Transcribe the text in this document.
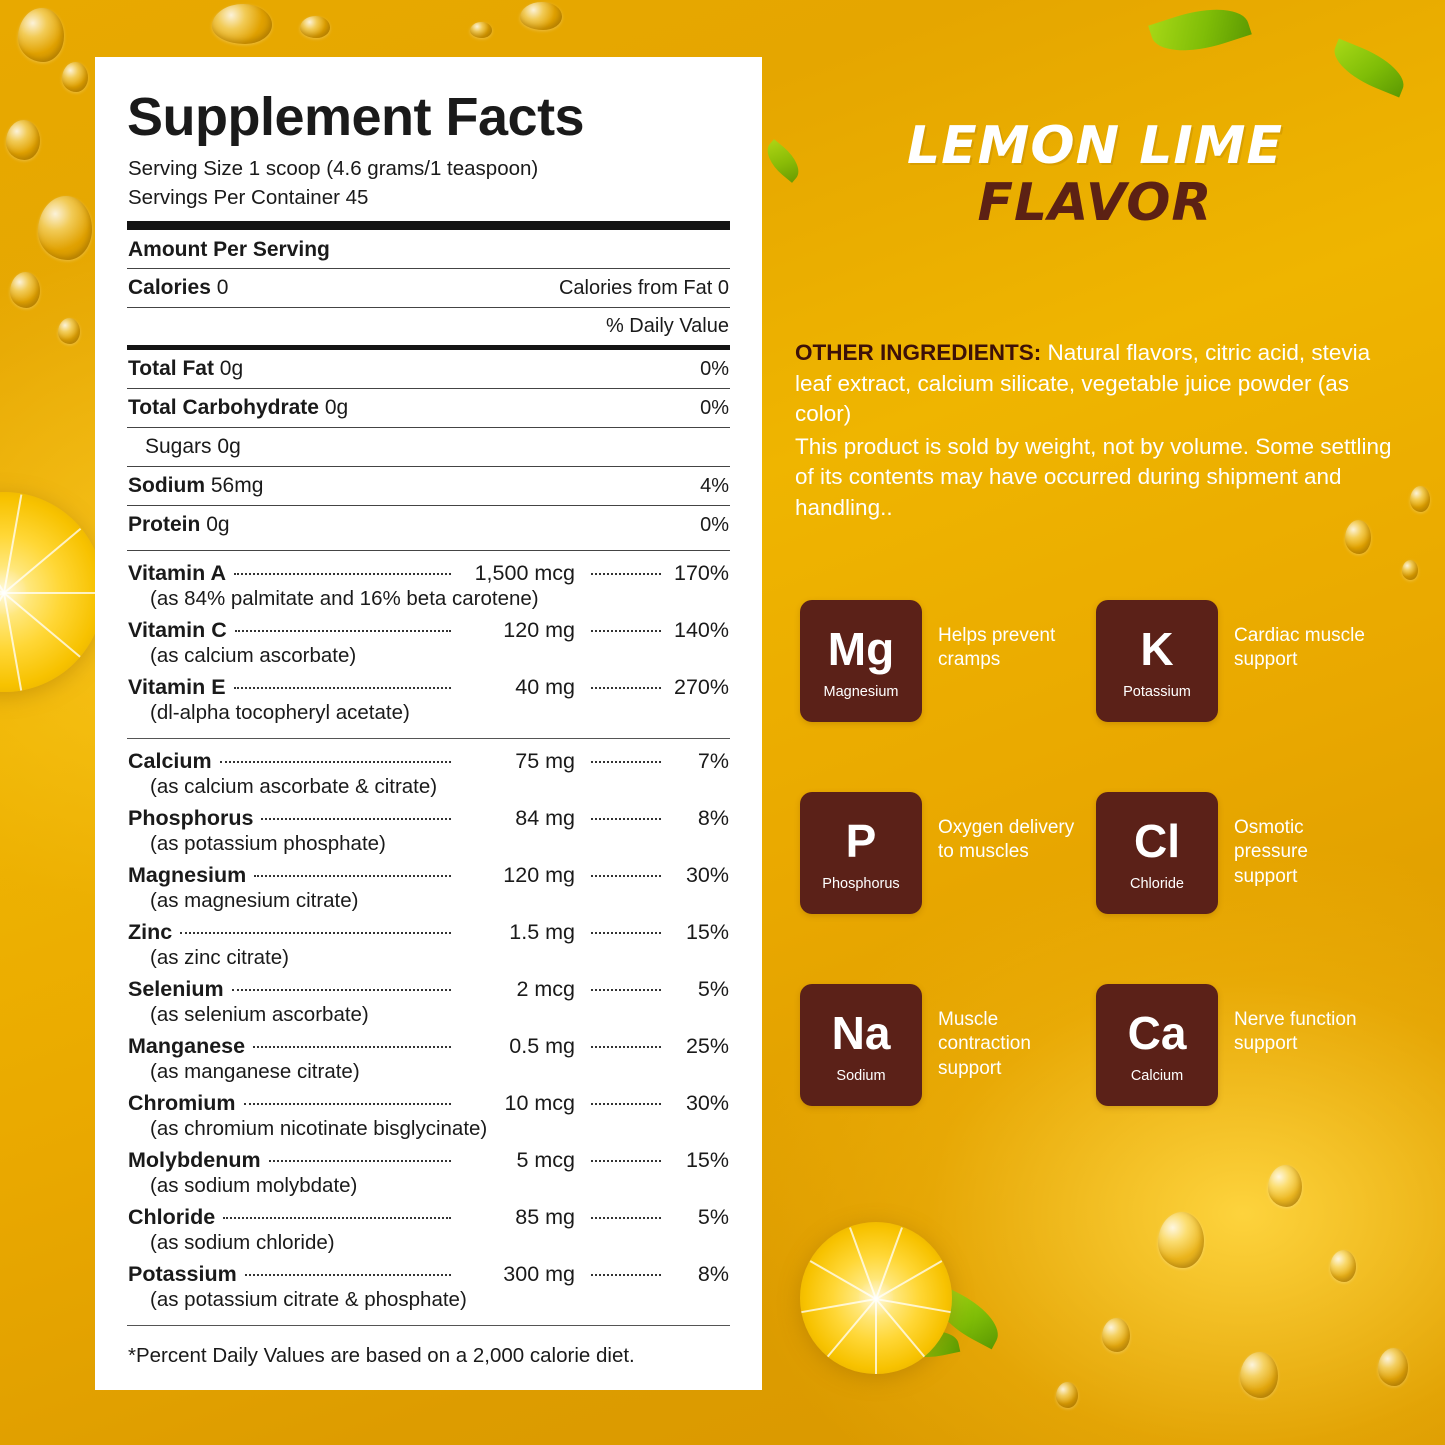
Supplement Facts
Serving Size 1 scoop (4.6 grams/1 teaspoon)
Servings Per Container 45
Amount Per Serving
Calories 0	Calories from Fat 0
% Daily Value
Total Fat 0g	0%
Total Carbohydrate 0g	0%
Sugars 0g
Sodium 56mg	4%
Protein 0g	0%
Vitamin A	1,500 mcg	170%
(as 84% palmitate and 16% beta carotene)
Vitamin C	120 mg	140%
(as calcium ascorbate)
Vitamin E	40 mg	270%
(dl-alpha tocopheryl acetate)
Calcium	75 mg	7%
(as calcium ascorbate & citrate)
Phosphorus	84 mg	8%
(as potassium phosphate)
Magnesium	120 mg	30%
(as magnesium citrate)
Zinc	1.5 mg	15%
(as zinc citrate)
Selenium	2 mcg	5%
(as selenium ascorbate)
Manganese	0.5 mg	25%
(as manganese citrate)
Chromium	10 mcg	30%
(as chromium nicotinate bisglycinate)
Molybdenum	5 mcg	15%
(as sodium molybdate)
Chloride	85 mg	5%
(as sodium chloride)
Potassium	300 mg	8%
(as potassium citrate & phosphate)
*Percent Daily Values are based on a 2,000 calorie diet.
LEMON LIME
FLAVOR
OTHER INGREDIENTS: Natural flavors, citric acid, stevia leaf extract, calcium silicate, vegetable juice powder (as color)
This product is sold by weight, not by volume. Some settling of its contents may have occurred during shipment and handling..
Mg
Magnesium
Helps prevent cramps	K
Potassium
Cardiac muscle support
P
Phosphorus
Oxygen delivery to muscles	Cl
Chloride
Osmotic pressure support
Na
Sodium
Muscle contraction support
Ca
Calcium
Nerve function support
